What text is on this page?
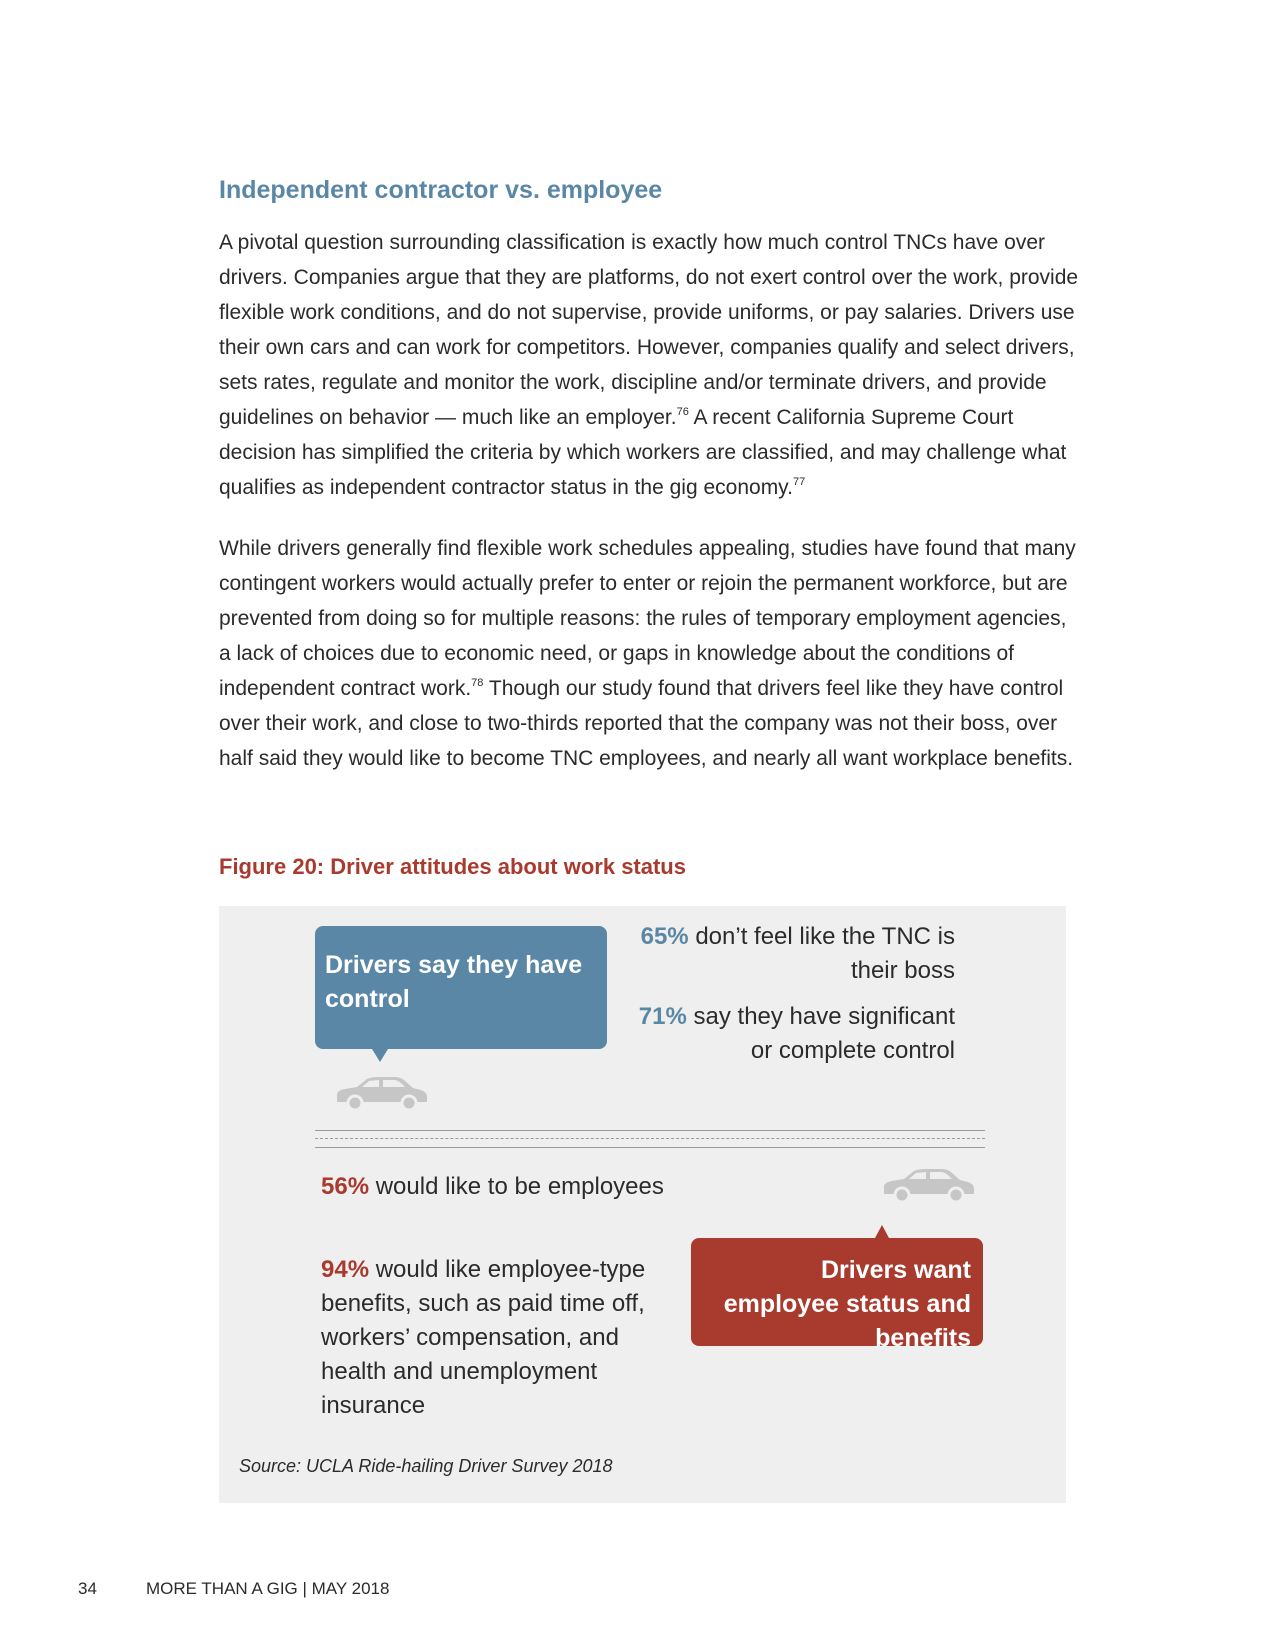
Independent contractor vs. employee

A pivotal question surrounding classification is exactly how much control TNCs have over drivers. Companies argue that they are platforms, do not exert control over the work, provide flexible work conditions, and do not supervise, provide uniforms, or pay salaries. Drivers use their own cars and can work for competitors. However, companies qualify and select drivers, sets rates, regulate and monitor the work, discipline and/or terminate drivers, and provide guidelines on behavior — much like an employer.$^{76}$ A recent California Supreme Court decision has simplified the criteria by which workers are classified, and may challenge what qualifies as independent contractor status in the gig economy.$^{77}$

While drivers generally find flexible work schedules appealing, studies have found that many contingent workers would actually prefer to enter or rejoin the permanent workforce, but are prevented from doing so for multiple reasons: the rules of temporary employment agencies, a lack of choices due to economic need, or gaps in knowledge about the conditions of independent contract work.$^{78}$ Though our study found that drivers feel like they have control over their work, and close to two-thirds reported that the company was not their boss, over half said they would like to become TNC employees, and nearly all want workplace benefits.

Figure 20: Driver attitudes about work status
Drivers say they have control

65% don’t feel like the TNC is their boss

71% say they have significant or complete control

56% would like to be employees

94% would like employee-type benefits, such as paid time off, workers’ compensation, and health and unemployment insurance

Drivers want employee status and benefits

Source: UCLA Ride-hailing Driver Survey 2018

34	MORE THAN A GIG | MAY 2018
